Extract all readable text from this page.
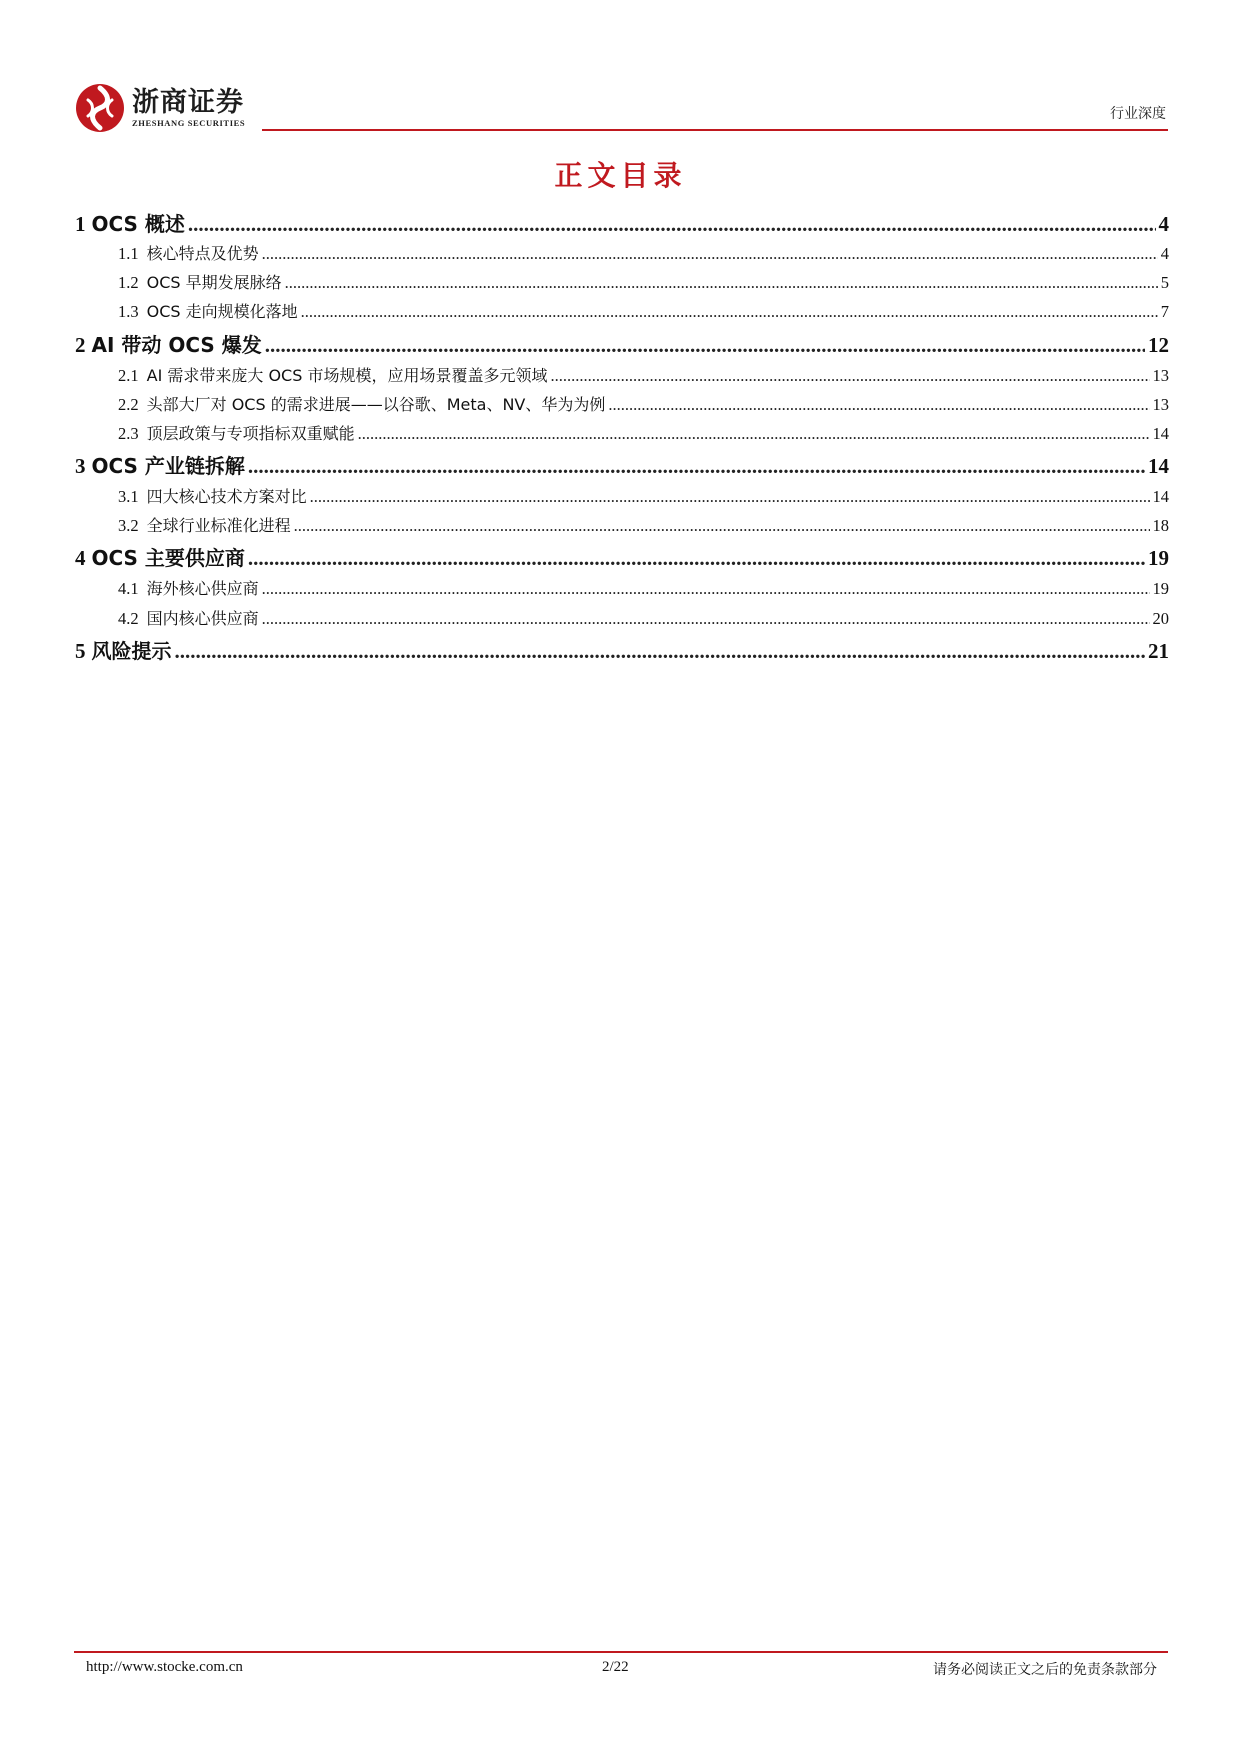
浙商证券
ZHESHANG SECURITIES
行业深度
正文目录
1 OCS 概述 .....	4
1.1 核心特点及优势 .....	4
1.2 OCS 早期发展脉络 .....	5
1.3 OCS 走向规模化落地 .....	7
2 AI 带动 OCS 爆发 .....	12
2.1 AI 需求带来庞大 OCS 市场规模，应用场景覆盖多元领域 .....	13
2.2 头部大厂对 OCS 的需求进展——以谷歌、Meta、NV、华为为例 .....	13
2.3 顶层政策与专项指标双重赋能 .....	14
3 OCS 产业链拆解 .....	14
3.1 四大核心技术方案对比 .....	14
3.2 全球行业标准化进程 .....	18
4 OCS 主要供应商 .....	19
4.1 海外核心供应商 .....	19
4.2 国内核心供应商 .....	20
5 风险提示 .....	21
http://www.stocke.com.cn	2/22	请务必阅读正文之后的免责条款部分
